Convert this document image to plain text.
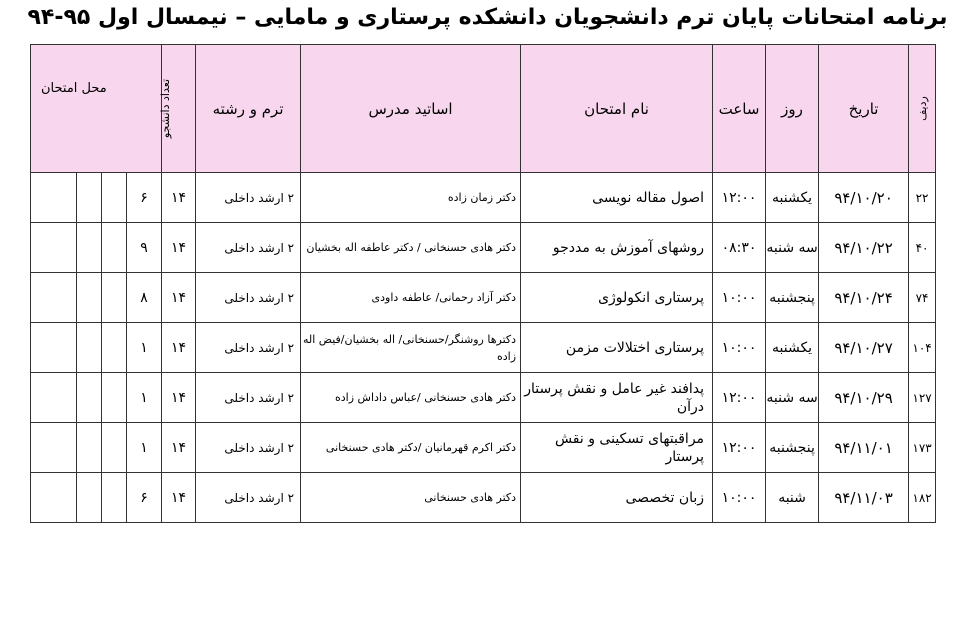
برنامه امتحانات پایان ترم دانشجویان دانشکده پرستاری و مامایی – نیمسال اول ۹۵-۹۴
ردیف	تاریخ	روز	ساعت	نام امتحان	اساتید مدرس	ترم و رشته	تعداد دانشجو	محل امتحان			
۲۲	۹۴/۱۰/۲۰	یکشنبه	۱۲:۰۰	اصول مقاله نویسی	دکتر زمان زاده	۲ ارشد داخلی	۱۴	۶			
۴۰	۹۴/۱۰/۲۲	سه شنبه	۰۸:۳۰	روشهای آموزش به مددجو	دکتر هادی حسنخانی / دکتر عاطفه اله بخشیان	۲ ارشد داخلی	۱۴	۹			
۷۴	۹۴/۱۰/۲۴	پنجشنبه	۱۰:۰۰	پرستاری انکولوژی	دکتر آزاد رحمانی/ عاطفه داودی	۲ ارشد داخلی	۱۴	۸			
۱۰۴	۹۴/۱۰/۲۷	یکشنبه	۱۰:۰۰	پرستاری اختلالات مزمن	دکترها روشنگر/حسنخانی/ اله بخشیان/فیض اله زاده	۲ ارشد داخلی	۱۴	۱			
۱۲۷	۹۴/۱۰/۲۹	سه شنبه	۱۲:۰۰	پدافند غیر عامل و نقش پرستار درآن	دکتر هادی حسنخانی /عباس داداش زاده	۲ ارشد داخلی	۱۴	۱			
۱۷۳	۹۴/۱۱/۰۱	پنجشنبه	۱۲:۰۰	مراقبتهای تسکینی و نقش پرستار	دکتر اکرم قهرمانیان /دکتر هادی حسنخانی	۲ ارشد داخلی	۱۴	۱			
۱۸۲	۹۴/۱۱/۰۳	شنبه	۱۰:۰۰	زبان تخصصی	دکتر هادی حسنخانی	۲ ارشد داخلی	۱۴	۶			
